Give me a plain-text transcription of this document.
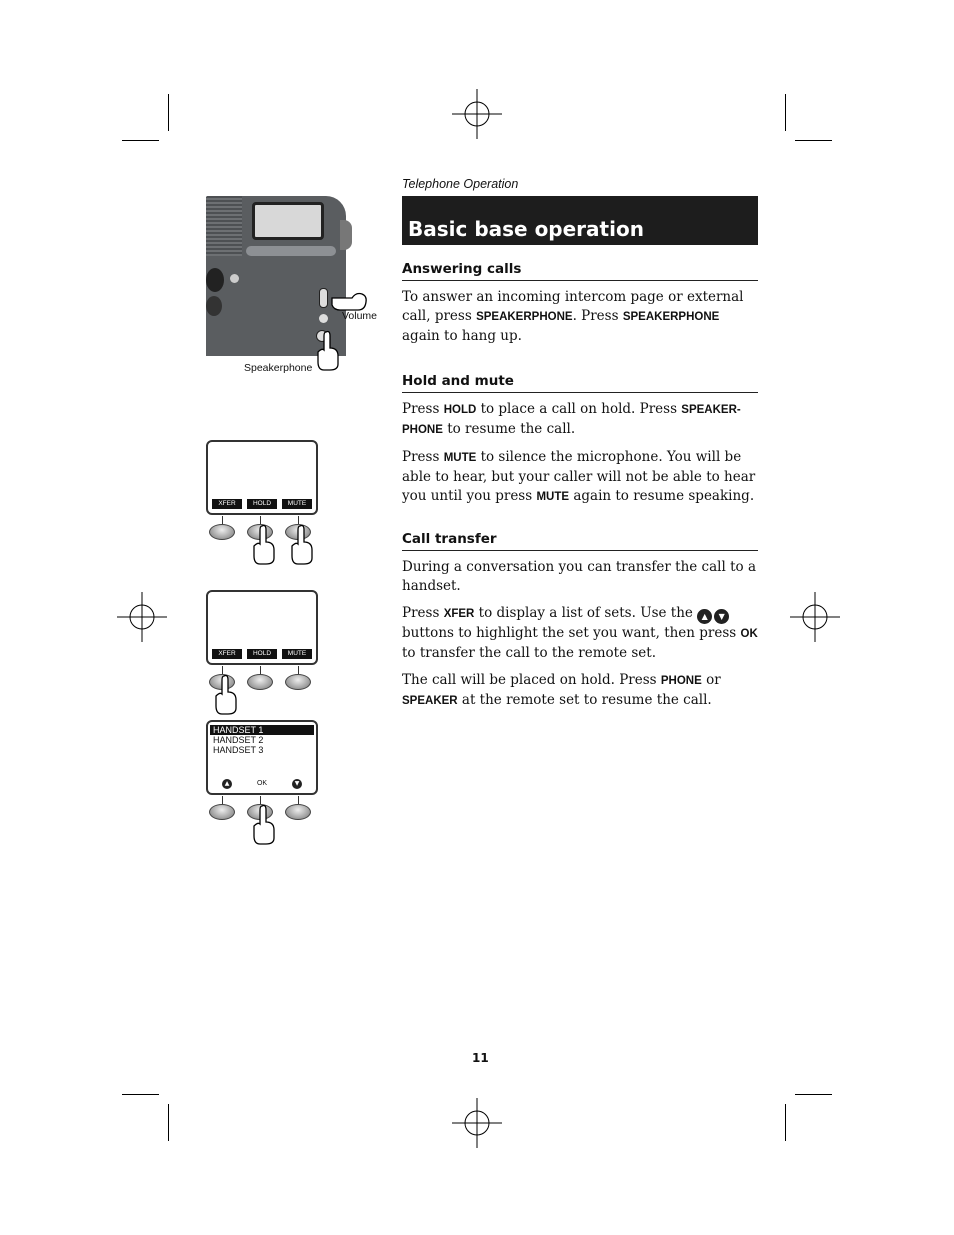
Telephone Operation
Basic base operation
Answering calls

To answer an incoming intercom page or external call, press SPEAKERPHONE. Press SPEAKERPHONE again to hang up.

Hold and mute

Press HOLD to place a call on hold. Press SPEAKER-PHONE to resume the call.

Press MUTE to silence the microphone. You will be able to hear, but your caller will not be able to hear you until you press MUTE again to resume speaking.

Call transfer

During a conversation you can transfer the call to a handset.

Press XFER to display a list of sets. Use the ▲ ▼
buttons to highlight the set you want, then press OK to transfer the call to the remote set.

The call will be placed on hold. Press PHONE or SPEAKER at the remote set to resume the call.

Volume
Speakerphone
XFER	HOLD	MUTE
XFER	HOLD	MUTE
HANDSET 1
HANDSET 2
HANDSET 3
▲	OK	▼
11
